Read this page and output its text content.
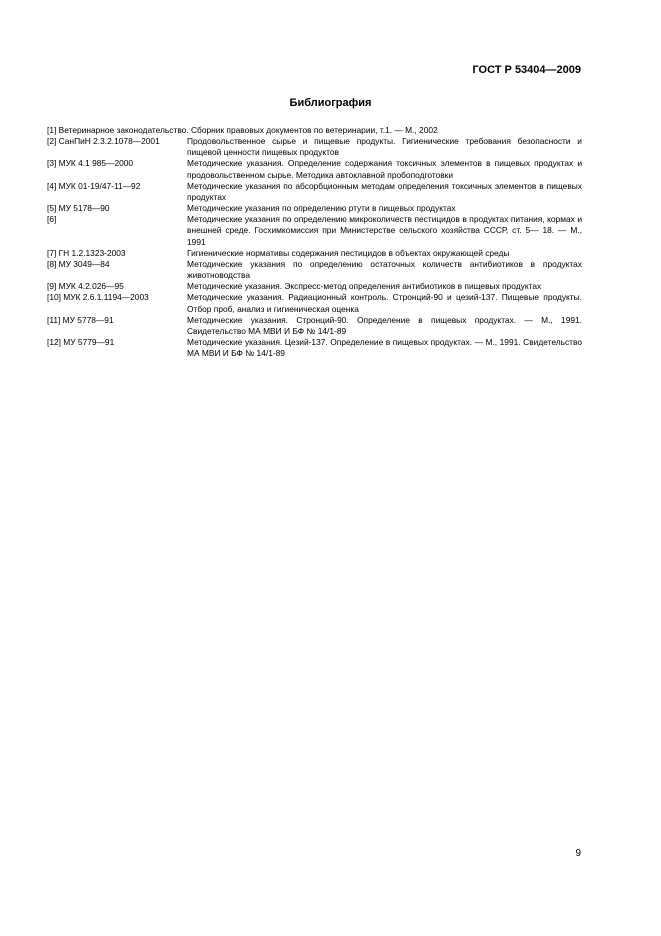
ГОСТ Р 53404—2009
Библиография
[1] Ветеринарное законодательство. Сборник правовых документов по ветеринарии, т.1. — М., 2002
[2] СанПиН 2.3.2.1078—2001	Продовольственное сырье и пищевые продукты. Гигиенические требования безопасности и пищевой ценности пищевых продуктов
[3] МУК 4.1 985—2000	Методические указания. Определение содержания токсичных элементов в пищевых продуктах и продовольственном сырье. Методика автоклавной пробоподготовки
[4] МУК 01-19/47-11—92	Методические указания по абсорбционным методам определения токсичных элементов в пищевых продуктах
[5] МУ 5178—90	Методические указания по определению ртути в пищевых продуктах
[6]	Методические указания по определению микроколичеств пестицидов в продуктах питания, кормах и внешней среде. Госхимкомиссия при Министерстве сельского хозяйства СССР, ст. 5— 18. — М., 1991
[7] ГН 1.2.1323-2003	Гигиенические нормативы содержания пестицидов в объектах окружающей среды
[8] МУ 3049—84	Методические указания по определению остаточных количеств антибиотиков в продуктах животноводства
[9] МУК 4.2.026—95	Методические указания. Экспресс-метод определения антибиотиков в пищевых продуктах
[10] МУК 2.6.1.1194—2003	Методические указания. Радиационный контроль. Стронций-90 и цезий-137. Пищевые продукты. Отбор проб, анализ и гигиеническая оценка
[11] МУ 5778—91	Методические указания. Стронций-90. Определение в пищевых продуктах. — М., 1991. Свидетельство МА МВИ И БФ № 14/1-89
[12] МУ 5779—91	Методические указания. Цезий-137. Определение в пищевых продуктах. — М., 1991. Свидетельство МА МВИ И БФ № 14/1-89
9
